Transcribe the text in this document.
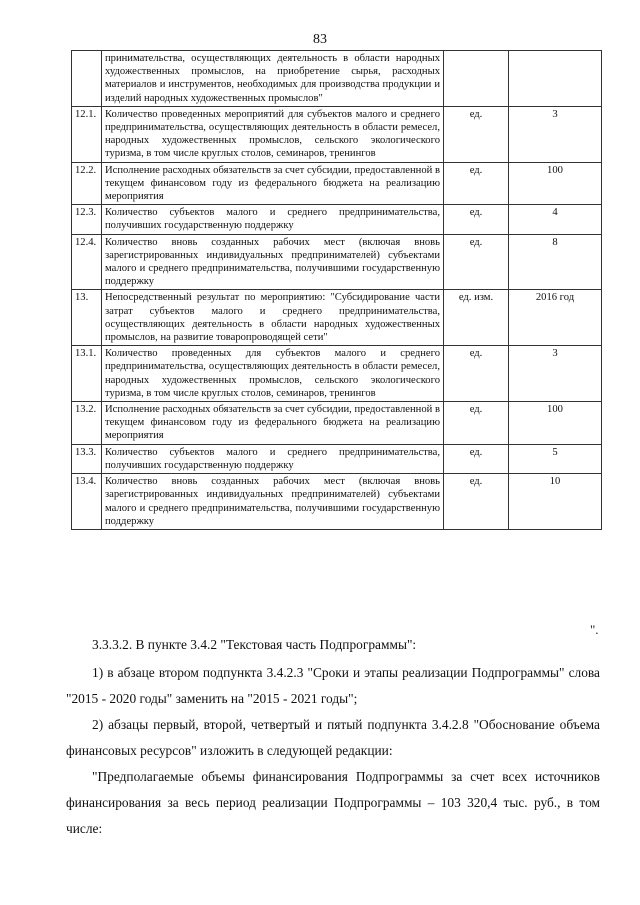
83
	принимательства, осуществляющих деятельность в области народных художественных промыслов, на приобретение сырья, расходных материалов и инструментов, необходимых для производства продукции и изделий народных художественных промыслов"		
12.1.	Количество проведенных мероприятий для субъектов малого и среднего предпринимательства, осуществляющих деятельность в области ремесел, народных художественных промыслов, сельского экологического туризма, в том числе круглых столов, семинаров, тренингов	ед.	3
12.2.	Исполнение расходных обязательств за счет субсидии, предоставленной в текущем финансовом году из федерального бюджета на реализацию мероприятия	ед.	100
12.3.	Количество субъектов малого и среднего предпринимательства, получивших государственную поддержку	ед.	4
12.4.	Количество вновь созданных рабочих мест (включая вновь зарегистрированных индивидуальных предпринимателей) субъектами малого и среднего предпринимательства, получившими государственную поддержку	ед.	8
13.	Непосредственный результат по мероприятию: "Субсидирование части затрат субъектов малого и среднего предпринимательства, осуществляющих деятельность в области народных художественных промыслов, на развитие товаропроводящей сети"	ед. изм.	2016 год
13.1.	Количество проведенных для субъектов малого и среднего предпринимательства, осуществляющих деятельность в области ремесел, народных художественных промыслов, сельского экологического туризма, в том числе круглых столов, семинаров, тренингов	ед.	3
13.2.	Исполнение расходных обязательств за счет субсидии, предоставленной в текущем финансовом году из федерального бюджета на реализацию мероприятия	ед.	100
13.3.	Количество субъектов малого и среднего предпринимательства, получивших государственную поддержку	ед.	5
13.4.	Количество вновь созданных рабочих мест (включая вновь зарегистрированных индивидуальных предпринимателей) субъектами малого и среднего предпринимательства, получившими государственную поддержку	ед.	10
".

3.3.3.2. В пункте 3.4.2 "Текстовая часть Подпрограммы":

1) в абзаце втором подпункта 3.4.2.3 "Сроки и этапы реализации Подпрограммы" слова "2015 - 2020 годы" заменить на "2015 - 2021 годы";

2) абзацы первый, второй, четвертый и пятый подпункта 3.4.2.8 "Обоснование объема финансовых ресурсов" изложить в следующей редакции:

"Предполагаемые объемы финансирования Подпрограммы за счет всех источников финансирования за весь период реализации Подпрограммы – 103 320,4 тыс. руб., в том числе:
